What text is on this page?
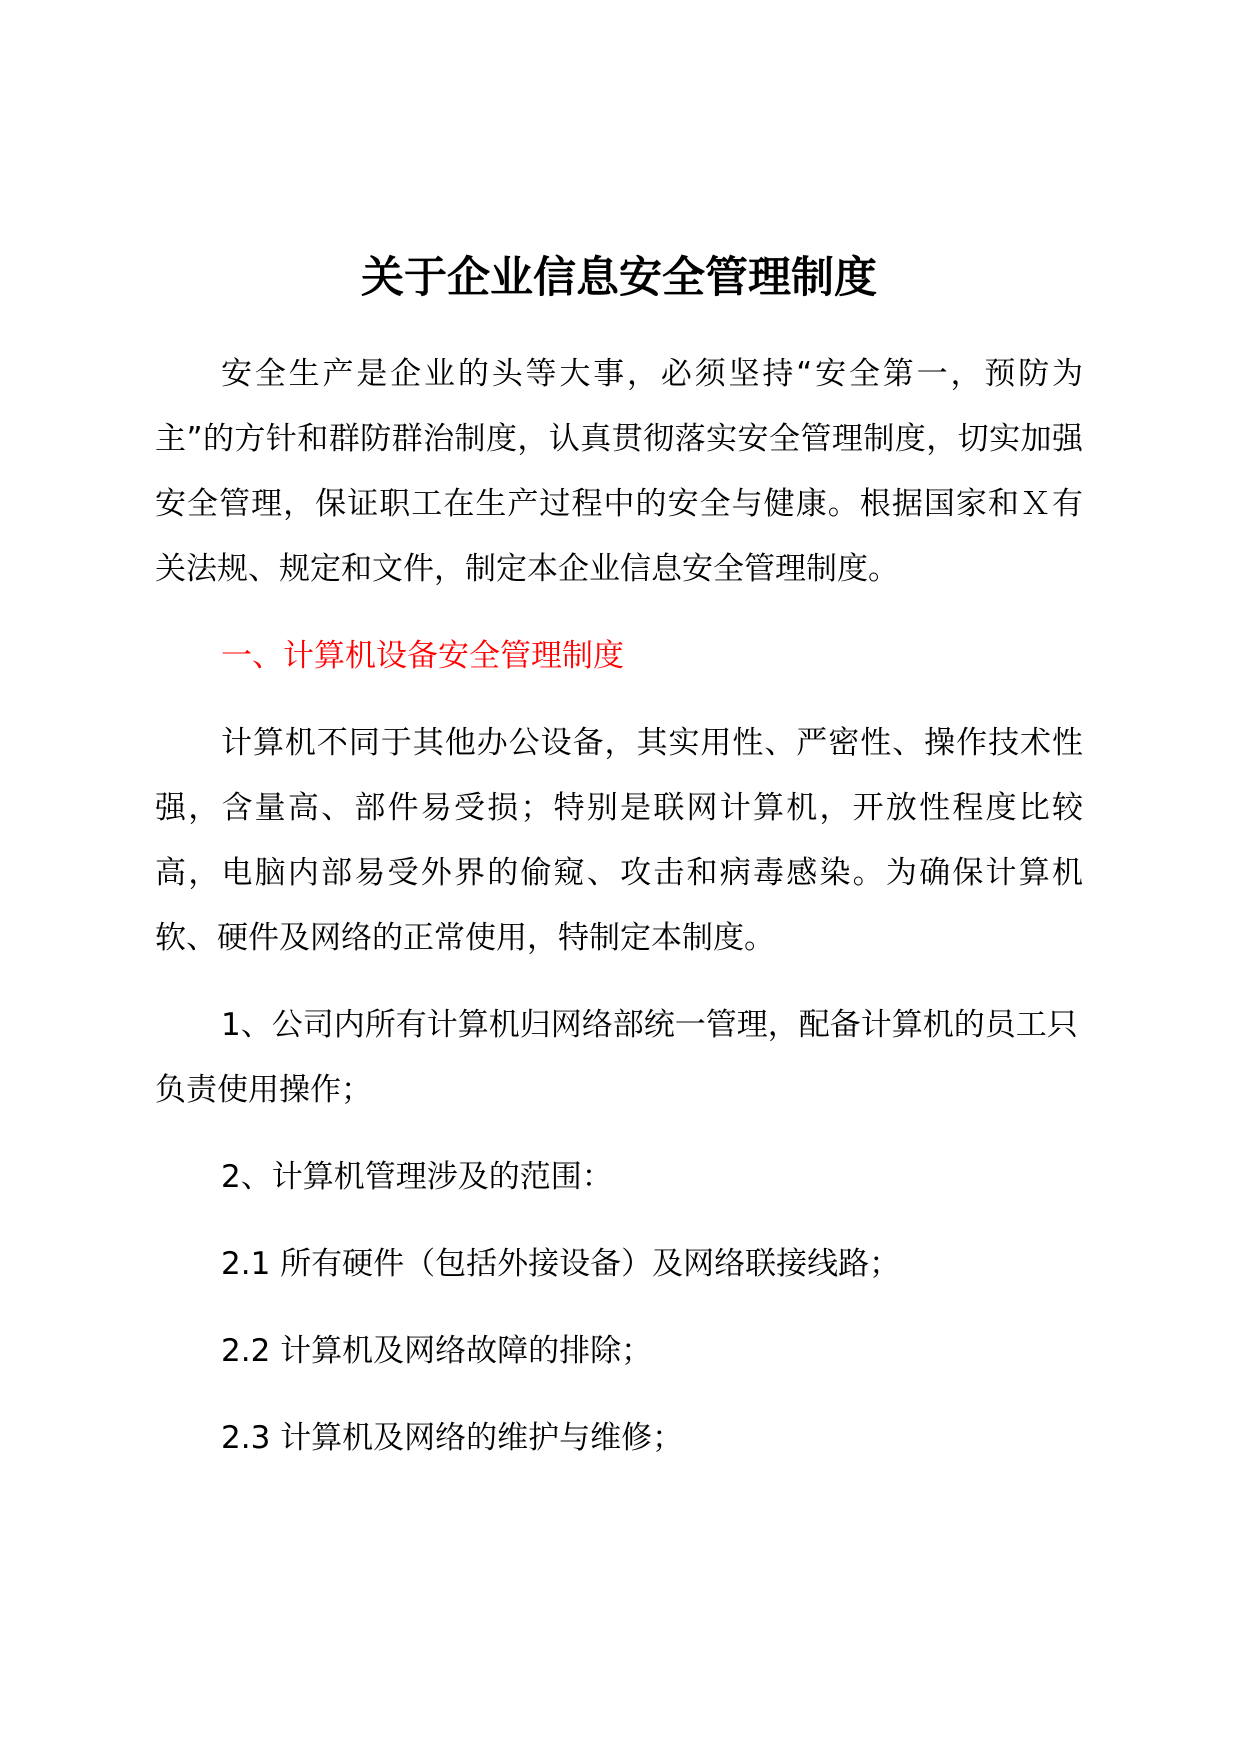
关于企业信息安全管理制度

安全生产是企业的头等大事，必须坚持“安全第一，预防为主”的方针和群防群治制度，认真贯彻落实安全管理制度，切实加强安全管理，保证职工在生产过程中的安全与健康。根据国家和Ｘ有关法规、规定和文件，制定本企业信息安全管理制度。

一、计算机设备安全管理制度

计算机不同于其他办公设备，其实用性、严密性、操作技术性强，含量高、部件易受损；特别是联网计算机，开放性程度比较高，电脑内部易受外界的偷窥、攻击和病毒感染。为确保计算机软、硬件及网络的正常使用，特制定本制度。

1、公司内所有计算机归网络部统一管理，配备计算机的员工只负责使用操作；

2、计算机管理涉及的范围：

2.1 所有硬件（包括外接设备）及网络联接线路；

2.2 计算机及网络故障的排除；

2.3 计算机及网络的维护与维修；
